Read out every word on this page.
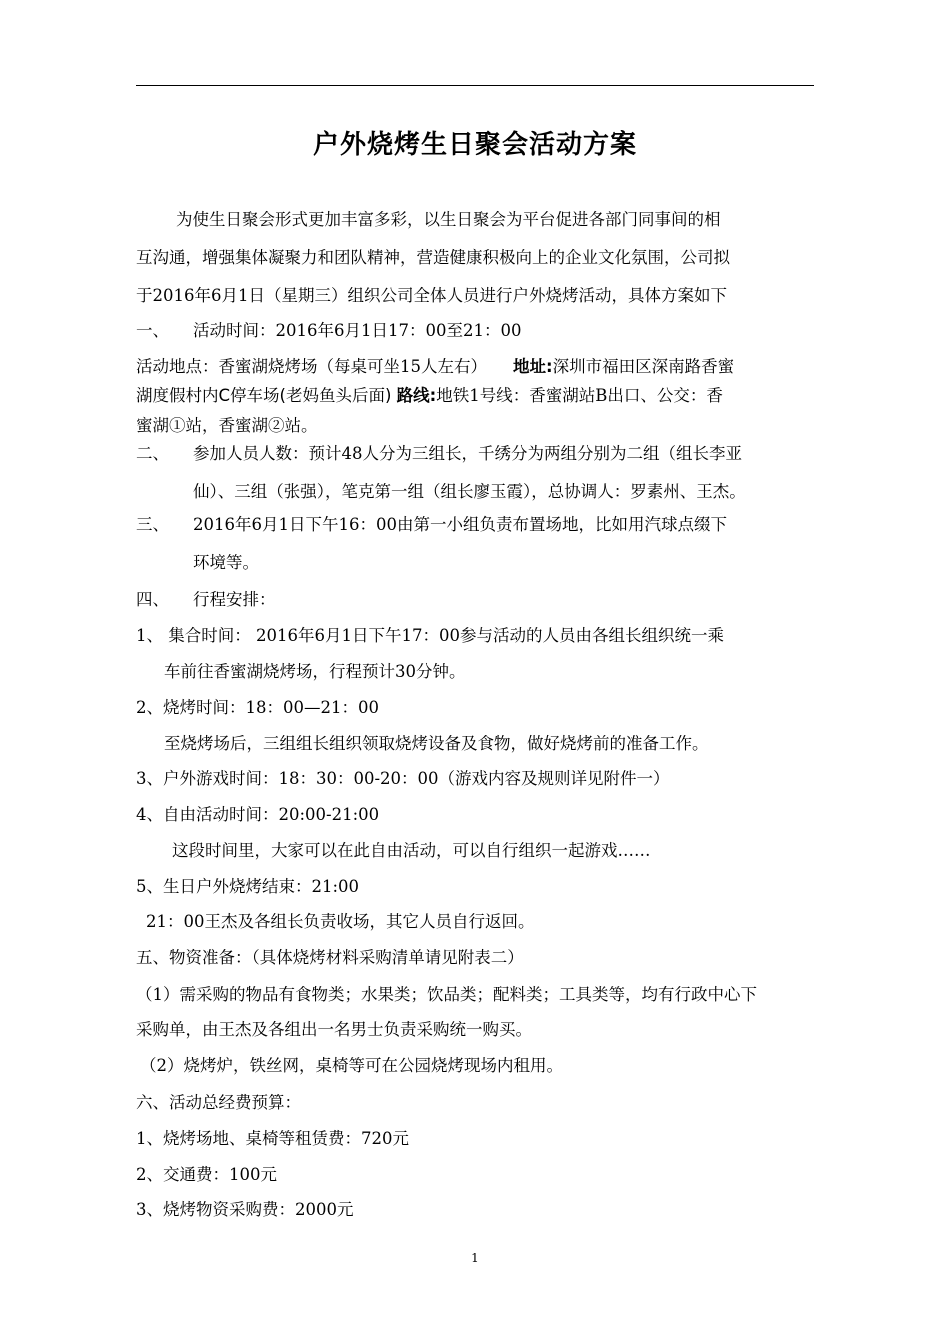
户外烧烤生日聚会活动方案
为使生日聚会形式更加丰富多彩，以生日聚会为平台促进各部门同事间的相
互沟通，增强集体凝聚力和团队精神，营造健康积极向上的企业文化氛围，公司拟
于2016年6月1日（星期三）组织公司全体人员进行户外烧烤活动，具体方案如下
一、 活动时间：2016年6月1日17：00至21：00
活动地点：香蜜湖烧烤场（每桌可坐15人左右） 地址:深圳市福田区深南路香蜜
湖度假村内C停车场(老妈鱼头后面) 路线:地铁1号线：香蜜湖站B出口、公交：香
蜜湖①站，香蜜湖②站。
二、 参加人员人数：预计48人分为三组长，千绣分为两组分别为二组（组长李亚
仙）、三组（张强），笔克第一组（组长廖玉霞），总协调人：罗素州、王杰。
三、 2016年6月1日下午16：00由第一小组负责布置场地，比如用汽球点缀下
环境等。
四、 行程安排：
1、 集合时间： 2016年6月1日下午17：00参与活动的人员由各组长组织统一乘
车前往香蜜湖烧烤场，行程预计30分钟。
2、烧烤时间：18：00—21：00
至烧烤场后，三组组长组织领取烧烤设备及食物，做好烧烤前的准备工作。
3、户外游戏时间：18：30：00-20：00（游戏内容及规则详见附件一）
4、自由活动时间：20:00-21:00
这段时间里，大家可以在此自由活动，可以自行组织一起游戏……
5、生日户外烧烤结束：21:00
21：00王杰及各组长负责收场，其它人员自行返回。
五、物资准备：（具体烧烤材料采购清单请见附表二）
（1）需采购的物品有食物类；水果类；饮品类；配料类；工具类等，均有行政中心下
采购单，由王杰及各组出一名男士负责采购统一购买。
（2）烧烤炉，铁丝网，桌椅等可在公园烧烤现场内租用。
六、活动总经费预算：
1、烧烤场地、桌椅等租赁费：720元
2、交通费：100元
3、烧烤物资采购费：2000元
1
